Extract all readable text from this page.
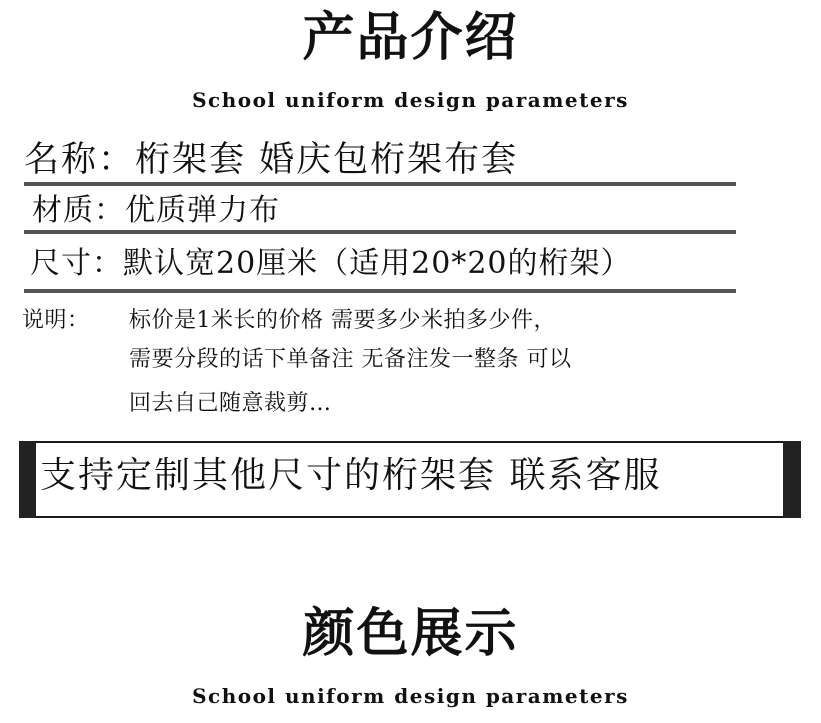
产品介绍
School uniform design parameters
名称：桁架套 婚庆包桁架布套
材质：优质弹力布
尺寸：默认宽20厘米（适用20*20的桁架）
说明： 标价是1米长的价格 需要多少米拍多少件，
需要分段的话下单备注 无备注发一整条 可以
回去自己随意裁剪…
支持定制其他尺寸的桁架套 联系客服
颜色展示
School uniform design parameters
